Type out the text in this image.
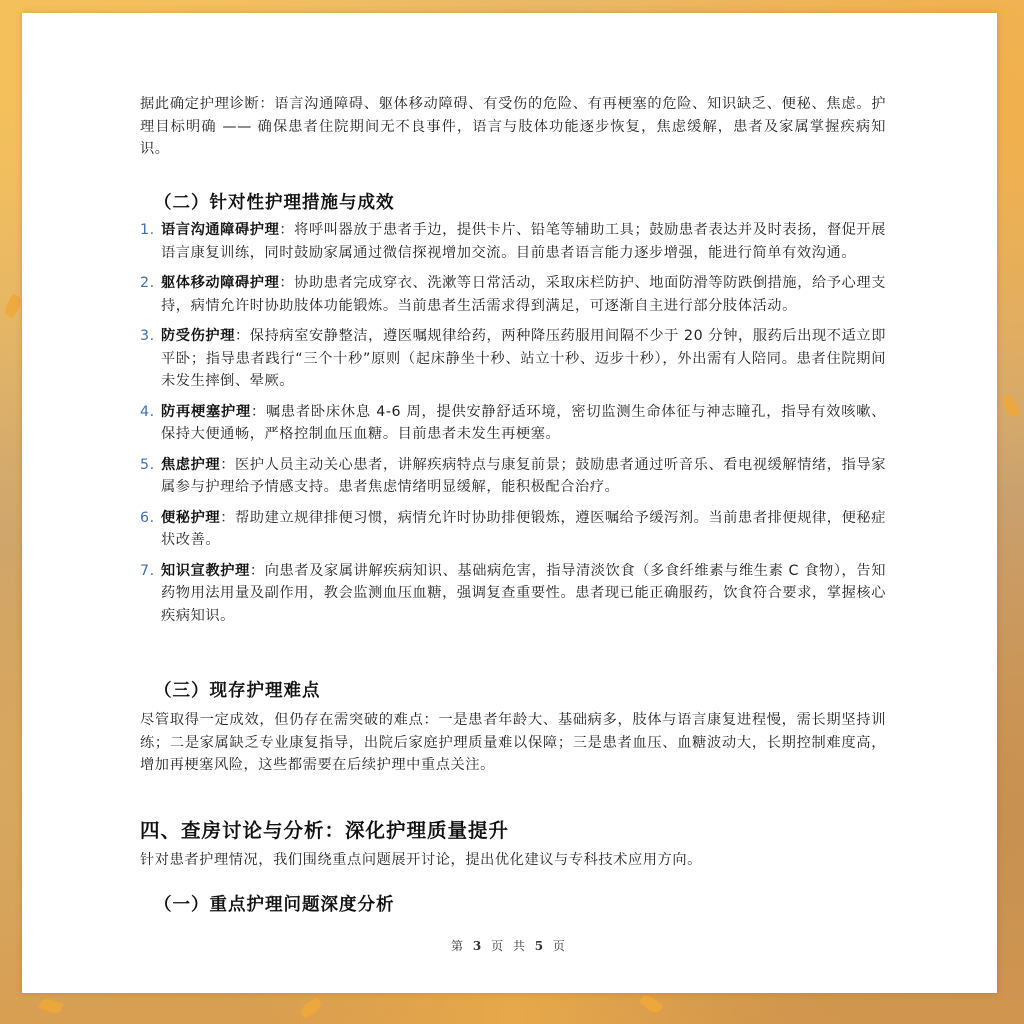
据此确定护理诊断：语言沟通障碍、躯体移动障碍、有受伤的危险、有再梗塞的危险、知识缺乏、便秘、焦虑。护理目标明确 —— 确保患者住院期间无不良事件，语言与肢体功能逐步恢复，焦虑缓解，患者及家属掌握疾病知识。

（二）针对性护理措施与成效
1. 语言沟通障碍护理：将呼叫器放于患者手边，提供卡片、铅笔等辅助工具；鼓励患者表达并及时表扬，督促开展语言康复训练，同时鼓励家属通过微信探视增加交流。目前患者语言能力逐步增强，能进行简单有效沟通。
2. 躯体移动障碍护理：协助患者完成穿衣、洗漱等日常活动，采取床栏防护、地面防滑等防跌倒措施，给予心理支持，病情允许时协助肢体功能锻炼。当前患者生活需求得到满足，可逐渐自主进行部分肢体活动。
3. 防受伤护理：保持病室安静整洁，遵医嘱规律给药，两种降压药服用间隔不少于 20 分钟，服药后出现不适立即平卧；指导患者践行“三个十秒”原则（起床静坐十秒、站立十秒、迈步十秒），外出需有人陪同。患者住院期间未发生摔倒、晕厥。
4. 防再梗塞护理：嘱患者卧床休息 4-6 周，提供安静舒适环境，密切监测生命体征与神志瞳孔，指导有效咳嗽、保持大便通畅，严格控制血压血糖。目前患者未发生再梗塞。
5. 焦虑护理：医护人员主动关心患者，讲解疾病特点与康复前景；鼓励患者通过听音乐、看电视缓解情绪，指导家属参与护理给予情感支持。患者焦虑情绪明显缓解，能积极配合治疗。
6. 便秘护理：帮助建立规律排便习惯，病情允许时协助排便锻炼，遵医嘱给予缓泻剂。当前患者排便规律，便秘症状改善。
7. 知识宣教护理：向患者及家属讲解疾病知识、基础病危害，指导清淡饮食（多食纤维素与维生素 C 食物），告知药物用法用量及副作用，教会监测血压血糖，强调复查重要性。患者现已能正确服药，饮食符合要求，掌握核心疾病知识。
（三）现存护理难点

尽管取得一定成效，但仍存在需突破的难点：一是患者年龄大、基础病多，肢体与语言康复进程慢，需长期坚持训练；二是家属缺乏专业康复指导，出院后家庭护理质量难以保障；三是患者血压、血糖波动大，长期控制难度高，增加再梗塞风险，这些都需要在后续护理中重点关注。

四、查房讨论与分析：深化护理质量提升

针对患者护理情况，我们围绕重点问题展开讨论，提出优化建议与专科技术应用方向。

（一）重点护理问题深度分析
第 3 页 共 5 页
